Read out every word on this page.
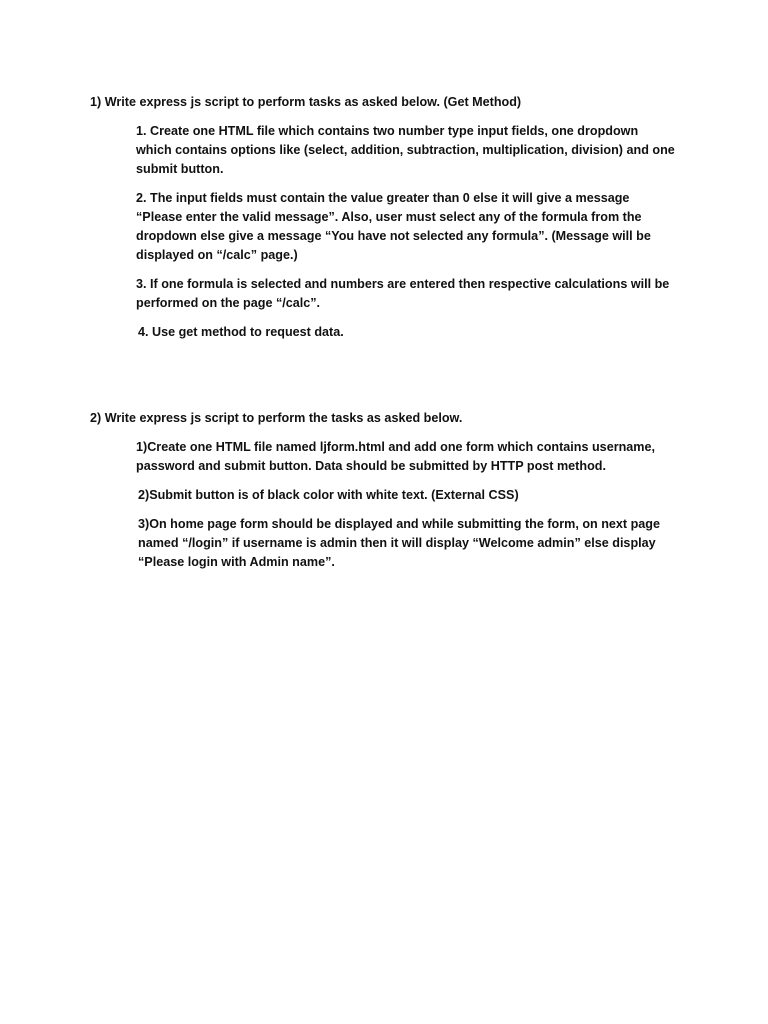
1) Write express js script to perform tasks as asked below. (Get Method)

1. Create one HTML file which contains two number type input fields, one dropdown which contains options like (select, addition, subtraction, multiplication, division) and one submit button.

2. The input fields must contain the value greater than 0 else it will give a message “Please enter the valid message”. Also, user must select any of the formula from the dropdown else give a message “You have not selected any formula”. (Message will be displayed on “/calc” page.)

3. If one formula is selected and numbers are entered then respective calculations will be performed on the page “/calc”.

4. Use get method to request data.

2) Write express js script to perform the tasks as asked below.

1)Create one HTML file named ljform.html and add one form which contains username, password and submit button. Data should be submitted by HTTP post method.

2)Submit button is of black color with white text. (External CSS)

3)On home page form should be displayed and while submitting the form, on next page named “/login” if username is admin then it will display “Welcome admin” else display “Please login with Admin name”.
